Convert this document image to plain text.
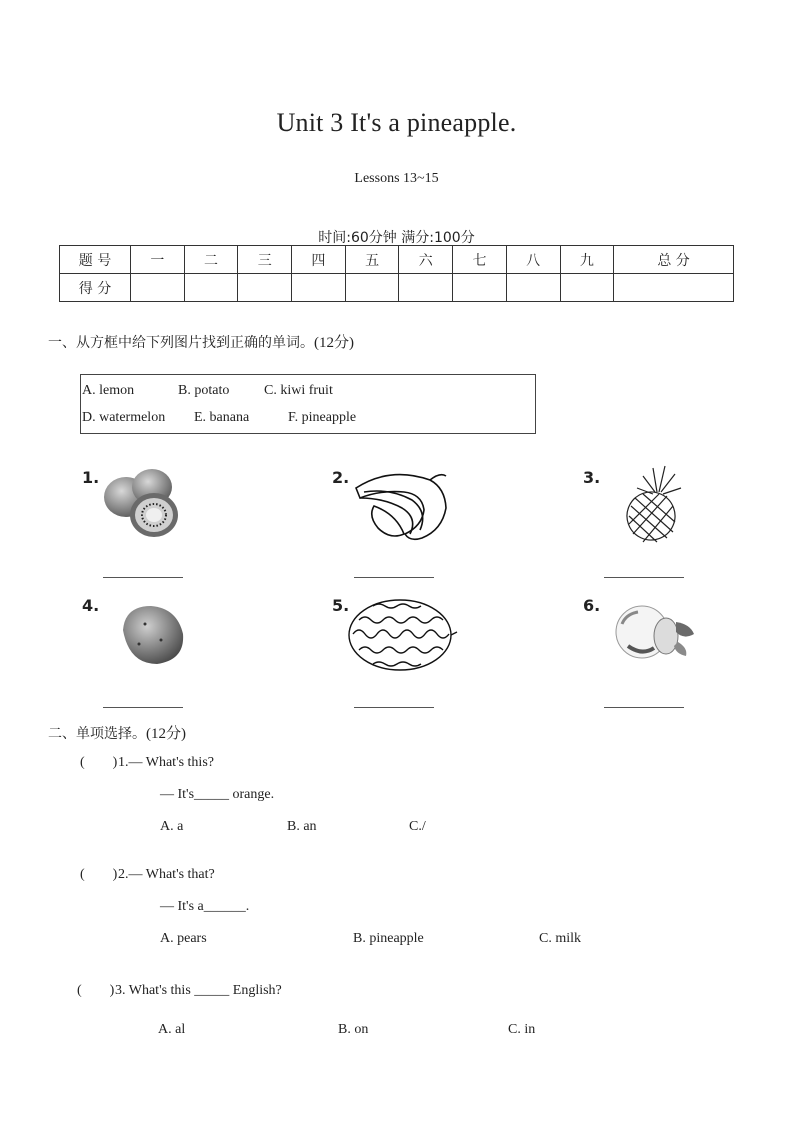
Unit 3 It's a pineapple.
Lessons 13~15
时间:60分钟 满分:100分
题 号	一	二	三	四	五	六	七	八	九	总 分
得 分										
一、从方框中给下列图片找到正确的单词。(12分)
A. lemon	B. potato C. kiwi fruit
D. watermelon E. banana	F. pineapple
1.	2.	3.
4.	5.	6.
二、单项选择。(12分)
(        ) 1.— What's this?
— It's_____ orange.
A. a	B. an	C./
(        ) 2.— What's that?
— It's a______.
A. pears	B. pineapple	C. milk
(        ) 3. What's this _____ English?
A. al	B. on	C. in
